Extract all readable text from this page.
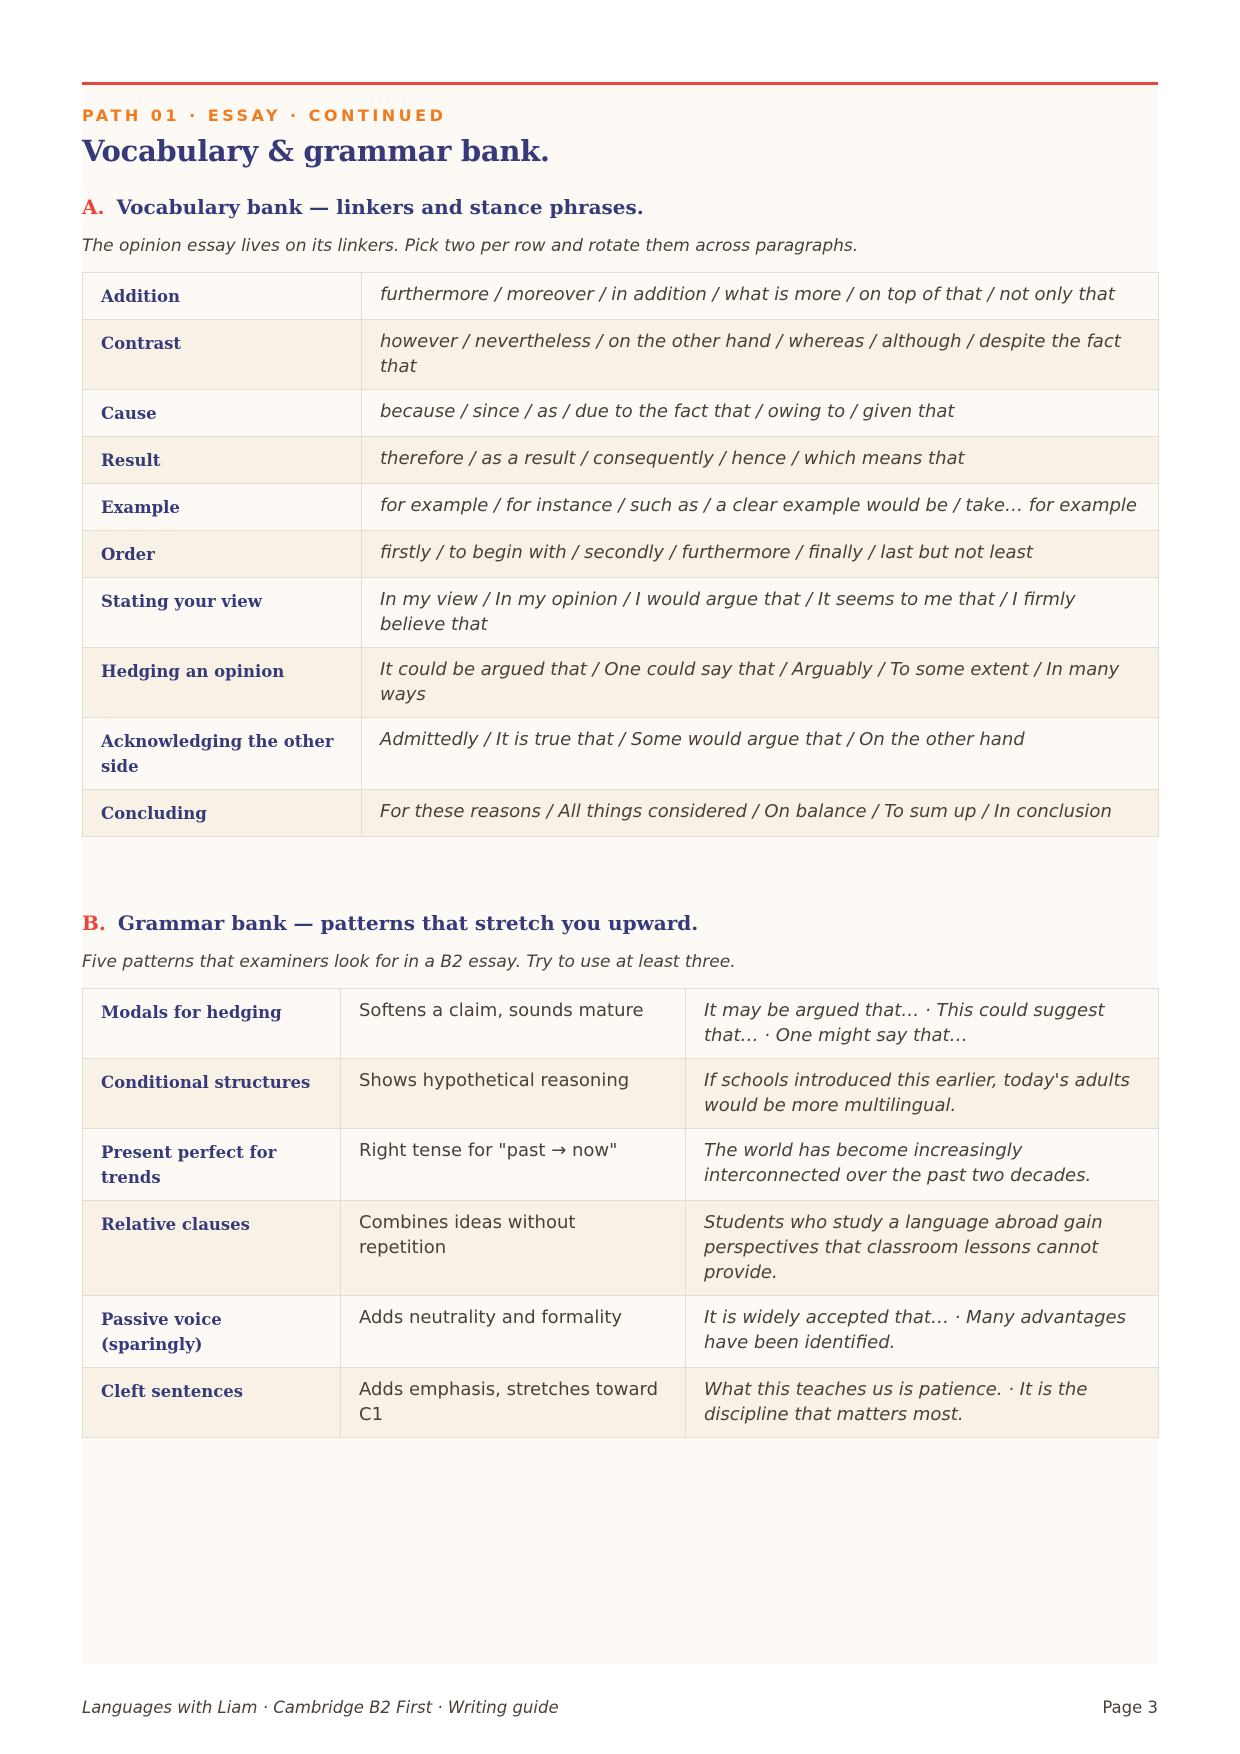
PATH 01 · ESSAY · CONTINUED
Vocabulary & grammar bank.
A. Vocabulary bank — linkers and stance phrases.

The opinion essay lives on its linkers. Pick two per row and rotate them across paragraphs.

Addition	furthermore / moreover / in addition / what is more / on top of that / not only that
Contrast	however / nevertheless / on the other hand / whereas / although / despite the fact that
Cause	because / since / as / due to the fact that / owing to / given that
Result	therefore / as a result / consequently / hence / which means that
Example	for example / for instance / such as / a clear example would be / take… for example
Order	firstly / to begin with / secondly / furthermore / finally / last but not least
Stating your view	In my view / In my opinion / I would argue that / It seems to me that / I firmly believe that
Hedging an opinion	It could be argued that / One could say that / Arguably / To some extent / In many ways
Acknowledging the other side	Admittedly / It is true that / Some would argue that / On the other hand
Concluding	For these reasons / All things considered / On balance / To sum up / In conclusion
B. Grammar bank — patterns that stretch you upward.

Five patterns that examiners look for in a B2 essay. Try to use at least three.

Modals for hedging	Softens a claim, sounds mature	It may be argued that… · This could suggest that… · One might say that…
Conditional structures	Shows hypothetical reasoning	If schools introduced this earlier, today's adults would be more multilingual.
Present perfect for trends	Right tense for "past → now"	The world has become increasingly interconnected over the past two decades.
Relative clauses	Combines ideas without repetition	Students who study a language abroad gain perspectives that classroom lessons cannot provide.
Passive voice (sparingly)	Adds neutrality and formality	It is widely accepted that… · Many advantages have been identified.
Cleft sentences	Adds emphasis, stretches toward C1	What this teaches us is patience. · It is the discipline that matters most.
Languages with Liam · Cambridge B2 First · Writing guide	Page 3
